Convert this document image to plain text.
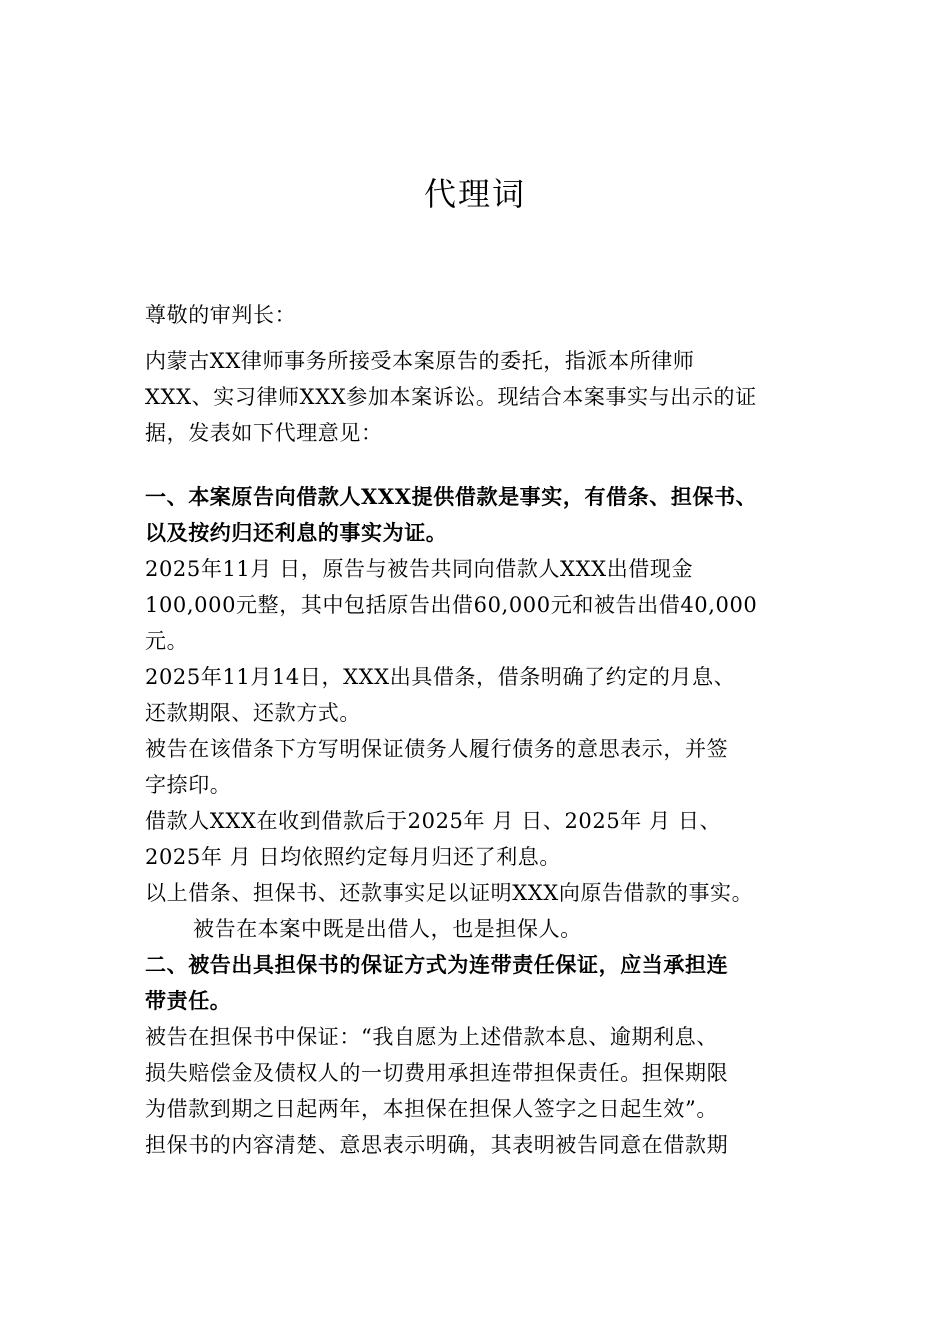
代理词
尊敬的审判长：
内蒙古XX律师事务所接受本案原告的委托，指派本所律师
XXX、实习律师XXX参加本案诉讼。现结合本案事实与出示的证
据，发表如下代理意见：
一、本案原告向借款人XXX提供借款是事实，有借条、担保书、
以及按约归还利息的事实为证。
2025年11月 日，原告与被告共同向借款人XXX出借现金
100,000元整，其中包括原告出借60,000元和被告出借40,000
元。
2025年11月14日，XXX出具借条，借条明确了约定的月息、
还款期限、还款方式。
被告在该借条下方写明保证债务人履行债务的意思表示，并签
字捺印。
借款人XXX在收到借款后于2025年 月 日、2025年 月 日、
2025年 月 日均依照约定每月归还了利息。
以上借条、担保书、还款事实足以证明XXX向原告借款的事实。
被告在本案中既是出借人，也是担保人。
二、被告出具担保书的保证方式为连带责任保证，应当承担连
带责任。
被告在担保书中保证：“我自愿为上述借款本息、逾期利息、
损失赔偿金及债权人的一切费用承担连带担保责任。担保期限
为借款到期之日起两年，本担保在担保人签字之日起生效”。
担保书的内容清楚、意思表示明确，其表明被告同意在借款期
